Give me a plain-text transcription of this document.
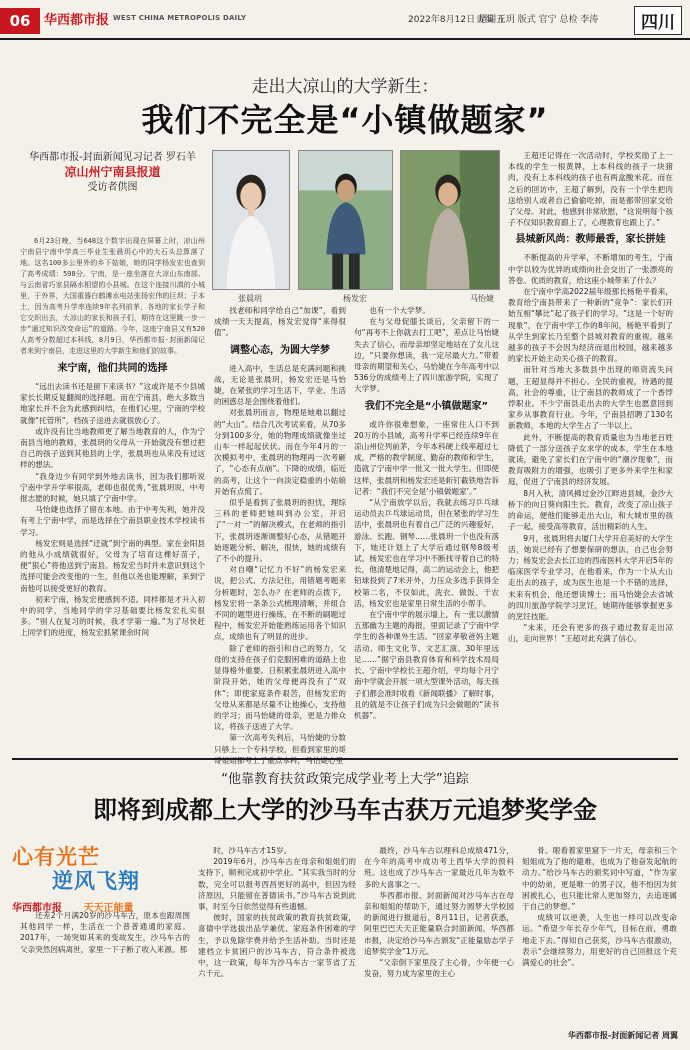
06	华西都市报 WEST CHINA METROPOLIS DAILY	2022年8月12日 星期五
责编 王玥 版式 官宁 总检 李涛	四川
走出大凉山的大学新生：
我们不完全是“小镇做题家”
华西都市报-封面新闻见习记者 罗石羊
凉山州宁南县报道
受访者供图
张晨玥	杨发宏	马怡婕

6月23日晚，当648这个数字出现在屏幕上时，凉山州宁南县宁南中学高三毕业生张晨玥心中的大石头总算落了地。这名100多公里外的乡下姑娘，她的同学杨发宏也查到了高考成绩：598分。宁南，是一座坐落在大凉山东南部、与云南省巧家县隔水相望的小县城。在这个连接川滇的小城里，于外界，大国重器白鹤滩水电站张扬宏伟的巨坝；于本土，因为高考升学率连续9年名列前茅，各地的家长学子和它交织出去，大凉山的家长和孩子们，期待在这里跳一步一步“通过知识改变命运”的道路。今年，这座宁南县又有520人高考分数超过本科线，8月9日，华西都市报·封面新闻记者来到宁南县，走进这里的大学新生和他们的故事。

来宁南，他们共同的选择

“远出去读书还是留下来读书？”这或许是不少县城家长长期反复翻阅的选择题。而在宁南县，绝大多数当地家长并不会为此感到纠结，在他们心里，宁南的学校就像“托管所”，档孩子送进去就很放心了。

或许没有比当地教师更了解当地教育的人，作为宁南县当地的教师，张晨玥的父母从一开始就没有想过把自己的孩子送到其他县的上学，张晨玥也从来没有过这样的想法。

“我身边少有同学到外地去读书，因为我们都听说宁南中学升学率很高，老师也很优秀，”张晨玥说，中考报志愿的时候，她只填了宁南中学。

马怡婕也选择了留在本地。由于中考失利，她并没有考上宁南中学，而是选择在宁南县职业技术学校读书学习。

杨发宏则是选择“迁就”到宁南的典型。家在金阳县的他从小成绩就很好，父母为了培育这棵好苗子，便“狠心”将他送到宁南县。杨发宏当时并未意识到这个选择可能会改变他的一生，但他以尧也能理解，来到宁南他可以接受更好的教育。

初来宁南，杨发宏便感到不适。同样都是才升入初中的同学，当地同学的学习基础要比杨发宏扎实很多。“别人在复习的时候，我才学第一遍。”为了尽快赶上同学们的进度，杨发宏抓紧课余时间

找老师和同学给自己“加课”，看到成绩一天天提高，杨发宏觉得“来得很值”。

调整心态，为圆大学梦

进入高中，生活总是充满问题和挑战，无论是张晨玥，杨发宏还是马怡婕，在紧张的学习生活下，学业、生活的困惑总是会围绕着他们。

对张晨玥而言，物理是她难以翻过的“大山”。结合几次考试来看，从70多分到100多分，她的物理成绩就像坐过山车一样起起伏伏。而在今年4月的一次模拟考中，张晨玥的物理再一次考砸了，“心态有点崩”。下降的成绩，临近的高考，让这个一向淡定稳重的小姑娘开始有点慌了。

似乎是看到了张晨玥的担忧，理综三科的老师把她叫到办公室，开启了“一对一”的解决模式，在老师的指引下，张晨玥逐渐调整好心态，从错题开始逐题分析、解决，很快，她的成绩有了不小的提升。

对自嘲“记忆力不好”的杨发宏来说，把公式、方法记住，用错题考题来分析题时，怎么办？在老师的点拨下，杨发宏将一条条公式梳理清晰，并组合不同的题型进行操练，在不断的刷题过程中，杨发宏开始能熟练运用各个知识点，成绩也有了明显的进步。

除了老师的指引和自己的努力，父母的支持在孩子们克服困难的道路上也显得格外重要。日积累张晨玥进入高中阶段开始，她的父母便再没有了“双休”；即使家庭条件艰苦，但杨发宏的父母从来都是尽量不让他操心，支持他的学习；而马怡婕的母亲，更是力排众议，将孩子送进了大学。

第一次高考失利后，马怡婕的分数只够上一个专科学校，但看到家里的哥哥姐姐都考上了重点本科，马怡婕心里

也有一个大学梦。

在与父母促膝长谈后，父亲留下的一句“再考不上你就去打工吧”，差点让马怡婕失去了信心，而母亲却坚定地站在了女儿这边，“只要你想读，我一定尽最大力。”带着母亲的期望和关心，马怡婕在今年高考中以536分的成绩考上了四川旅游学院，实现了大学梦。

我们不完全是“小镇做题家”

或许你很难想象，一座常住人口不到20万的小县城，高考升学率已经连续9年在凉山州位列前茅，今年本科硬上线率超过七成，严格的教学制度、勤奋的教师和学生，造就了宁南中学一批又一批大学生。但即使这样，张晨玥和杨发宏还是斩钉截铁地告诉记者：“我们不完全是‘小镇做题家’。”

“从宁南放学以后，我就去练习乒乓球运动员去乒乓球运动员，但在紧张的学习生活中，张晨玥也有着自己广泛的兴趣爱好，游泳、长跑、钢琴……张晨玥一个也没有落下，她还计划上了大学后通过钢琴8级考试。杨发宏也在学习中不断找寻着自己的特长，他清楚地记得，高二的运动会上，他把铅球投到了7米开外，力压众多选手获得全校第二名，不仅如此，洗衣、做饭、干农活，杨发宏也是家里日常生活的小帮手。

在宁南中学的展示墙上，有一张以激情五那幽为主题的海报，里面记录了宁南中学学生的各种课外生活。“回家孝敬爸妈主题活动、师生文化节、文艺汇演、30年里远足……”据宁南县教育体育和科学技术局局长、宁南中学校长王超介绍，平均每个月宁南中学就会开展一项大型课外活动，每天孩子们都会准时收看《新闻联播》了解时事，且的就是不让孩子们成为只会做题的“读书机器”。

王超还记得在一次活动时，学校奖励了上一本线的学生一根黄牌，上本科线的孩子一块猪肉，没有上本科线的孩子也有两盒酸米花。而在之后的回访中，王超了解到，没有一个学生把肉送给别人或者自己偷偷吃掉，而是都带回家交给了父母。对此，他感到非常欣慰，“这说明每个孩子不仅知识教育跟上了，心理教育也跟上了。”

县城新风尚：教师最香，家长拼娃

不断提高的升学率，不断增加的考生，宁南中学以较为优异的成绩向社会交出了一张漂亮的答卷。优质的教育，给这座小城带来了什么？

在宁南中学高2022届年级那长杨艳平看来，教育给宁南县带来了一种新的“竞争”：家长们开始互相“攀比”起了孩子们的学习。“这是一个好的现象”，在宁南中学工作的8年间，杨艳平看到了从学生到家长乃至整个县城对教育的重视。越来越多的孩子不会因为经济而退出校园，越来越多的家长开始主动关心孩子的教育。

而针对当地大多数县中出现的师资流失问题，王超显得并不担心。全民的重视，待遇的提高，社会的尊重，让宁南县的教师成了一个香饽饽职业。不少宁南县走出去的大学生也愿意回到家乡从事教育行业。今年，宁南县招聘了130名新教师，本地的大学生占了一半以上。

此外，不断提高的教育质量也为当地老百姓降低了一部分送孩子女求学的成本，学生在本地就读，避免了家长们在宁南中的“潮汐现象”，而教育吸附力的增强，也吸引了更多外来学生和家庭，促进了宁南县的经济发展。

8月入秋，清风拂过金沙江畔进县城，金沙大桥下的向日葵向阳生长。教育，改变了凉山孩子的命运，便他们能够走出大山，和大城市里的孩子一起，接受高等教育，活出精彩的人生。

9月，张晨玥将去厦门大学开启美好的大学生活，她说已经有了想要保研的想法，自己也会努力；杨发宏会去长江边的西南医科大学开启5年的临床医学专业学习，在他看来，作为一个从大山走出去的孩子，成为医生也是一个不错的选择，未来有机会，他还想读博士；而马怡婕会去省城的四川旅游学院学习烹饪，她期待能够掌握更多的烹饪技能。

“未来，还会有更多的孩子通过教育走出凉山，走向世界！”王超对此充满了信心。

“他靠教育扶贫政策完成学业考上大学”追踪
即将到成都上大学的沙马车古获万元追梦奖学金
心有光芒
逆风飞翔
华西都市报 天天正能量

还差2个月满20岁的沙马车古，原本也跟周围其他同学一样，生活在一个普普通通的家庭。2017年，一场突如其来的变故发生，沙马车古的父亲突然因病离世，家里一下子断了收入来源。那

时，沙马车古才15岁。

2019年6月，沙马车古在母亲和姐姐们的支持下，顺利完成初中学业。“其实我当时的分数，完全可以报考西昌更好的高中，但因为经济原因，只能留在普德读书。”沙马车古说到此事，时至今日依然觉得有些遗憾。

彼时，国家的扶贫政策的教育扶贫政策，喜德中学选拔出品学兼优、家庭条件困难的学生，予以免除学费并给予生活补助。当时还是建档立卡贫困户的沙马车古，符合条件被选中，这一政策，每年为沙马车古一家节省了五六千元。

最终，沙马车古以理科总成绩471分，在今年的高考中成功考上西华大学的预科班。这也成了沙马车古一家最近几年为数不多的大喜事之一。

华西都市报、封面新闻对沙马车古在母亲和姐姐的帮助下，通过努力圆梦大学校园的新闻进行报道后，8月11日，记者获悉，阿里巴巴天天正能量联合封面新闻、华西都市报，决定给沙马车古颁发“正能量励志学子追梦奖学金”1万元。

“父亲倒下家里没了主心骨，少年便一心发奋，努力成为家里的主心

骨。眼看着家里窟下一片天，母亲和三个姐姐成为了他的避难，也成为了他奋发起航的动力。”给沙马车古的颁奖词中写道，“作为家中的幼弟，更是唯一的男子汉，他不怕因为贫困被扎心，也只能比常人更加努力，去追逐属于自己的梦想。”

成绩可以逆袭，人生也一样可以改变命运。“希望少年长存少年气，目标在前，勇敢地走下去。”得知自己获奖，沙马车古很激动，表示“会继续努力，用更好的自己回报这个充满爱心的社会”。

华西都市报-封面新闻记者 周翼
